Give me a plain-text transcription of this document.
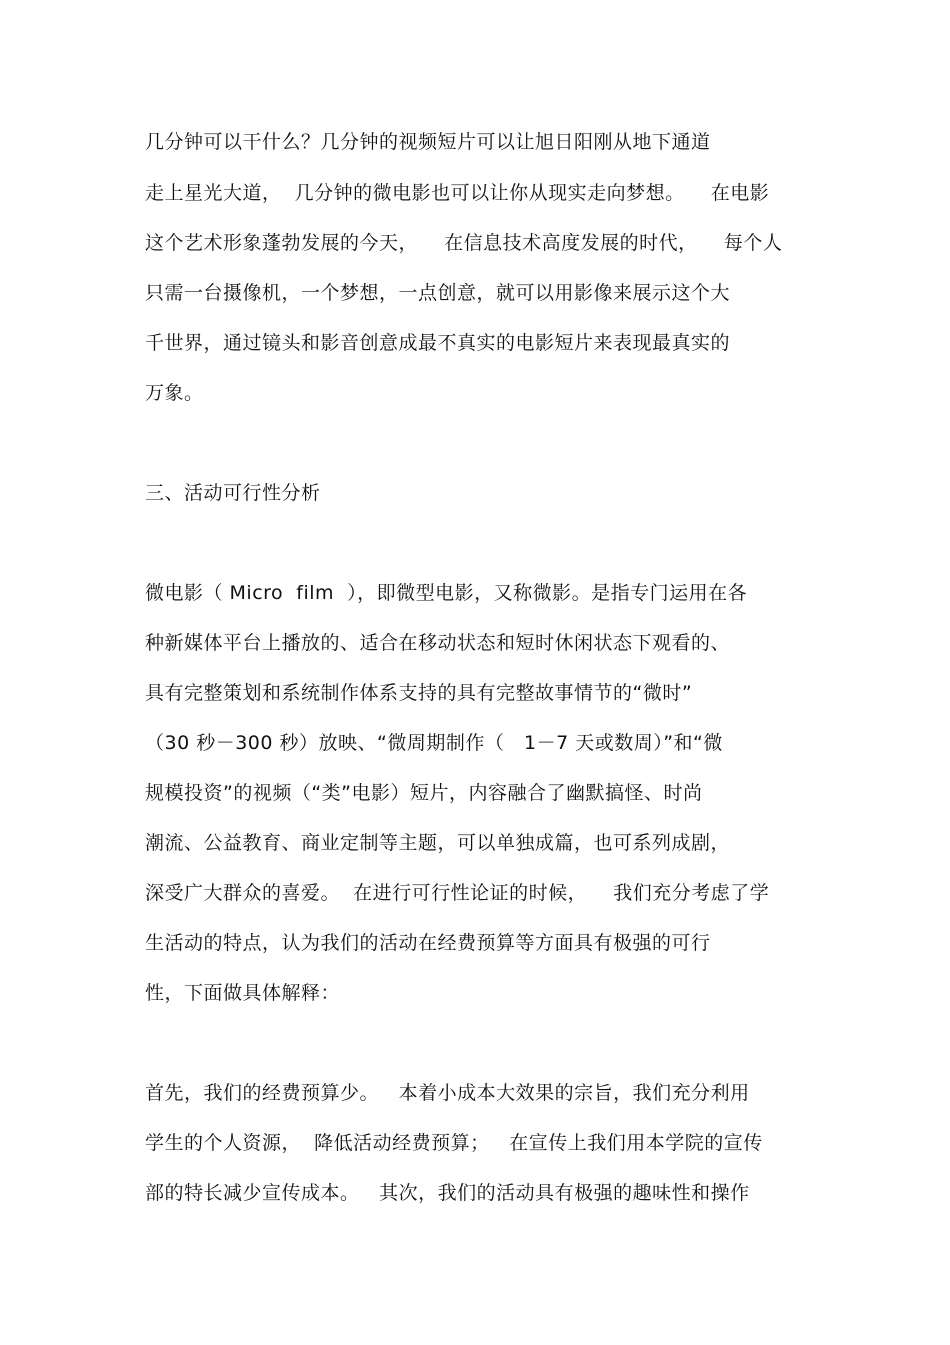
几分钟可以干什么？几分钟的视频短片可以让旭日阳刚从地下通道
走上星光大道，  几分钟的微电影也可以让你从现实走向梦想。    在电影
这个艺术形象蓬勃发展的今天，    在信息技术高度发展的时代，    每个人
只需一台摄像机，一个梦想，一点创意，就可以用影像来展示这个大
千世界，通过镜头和影音创意成最不真实的电影短片来表现最真实的
万象。
三、活动可行性分析
微电影（ Micro  film  ），即微型电影，又称微影。是指专门运用在各
种新媒体平台上播放的、适合在移动状态和短时休闲状态下观看的、
具有完整策划和系统制作体系支持的具有完整故事情节的“微时”
（30 秒－300 秒）放映、“微周期制作（   1－7 天或数周）”和“微
规模投资”的视频（“类”电影）短片，内容融合了幽默搞怪、时尚
潮流、公益教育、商业定制等主题，可以单独成篇，也可系列成剧，
深受广大群众的喜爱。  在进行可行性论证的时候，    我们充分考虑了学
生活动的特点，认为我们的活动在经费预算等方面具有极强的可行
性，下面做具体解释：
首先，我们的经费预算少。   本着小成本大效果的宗旨，我们充分利用
学生的个人资源，  降低活动经费预算；   在宣传上我们用本学院的宣传
部的特长减少宣传成本。   其次，我们的活动具有极强的趣味性和操作
